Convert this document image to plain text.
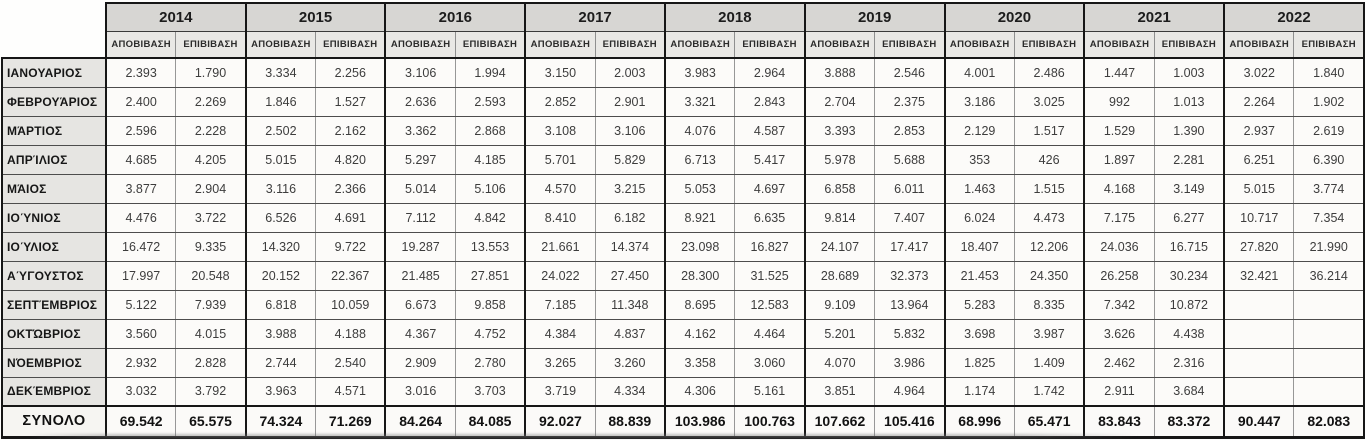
	2014		2015		2016		2017		2018		2019		2020		2021		2022	
	ΑΠΟΒΙΒΑΣΗ	ΕΠΙΒΙΒΑΣΗ	ΑΠΟΒΙΒΑΣΗ	ΕΠΙΒΙΒΑΣΗ	ΑΠΟΒΙΒΑΣΗ	ΕΠΙΒΙΒΑΣΗ	ΑΠΟΒΙΒΑΣΗ	ΕΠΙΒΙΒΑΣΗ	ΑΠΟΒΙΒΑΣΗ	ΕΠΙΒΙΒΑΣΗ	ΑΠΟΒΙΒΑΣΗ	ΕΠΙΒΙΒΑΣΗ	ΑΠΟΒΙΒΑΣΗ	ΕΠΙΒΙΒΑΣΗ	ΑΠΟΒΙΒΑΣΗ	ΕΠΙΒΙΒΑΣΗ	ΑΠΟΒΙΒΑΣΗ	ΕΠΙΒΙΒΑΣΗ
ΙΑΝΟΥΑΡΙΟΣ	2.393	1.790	3.334	2.256	3.106	1.994	3.150	2.003	3.983	2.964	3.888	2.546	4.001	2.486	1.447	1.003	3.022	1.840
ΦΕΒΡΟΥΆΡΙΟΣ	2.400	2.269	1.846	1.527	2.636	2.593	2.852	2.901	3.321	2.843	2.704	2.375	3.186	3.025	992	1.013	2.264	1.902
ΜΆΡΤΙΟΣ	2.596	2.228	2.502	2.162	3.362	2.868	3.108	3.106	4.076	4.587	3.393	2.853	2.129	1.517	1.529	1.390	2.937	2.619
ΑΠΡΊΛΙΟΣ	4.685	4.205	5.015	4.820	5.297	4.185	5.701	5.829	6.713	5.417	5.978	5.688	353	426	1.897	2.281	6.251	6.390
ΜΆΙΟΣ	3.877	2.904	3.116	2.366	5.014	5.106	4.570	3.215	5.053	4.697	6.858	6.011	1.463	1.515	4.168	3.149	5.015	3.774
ΙΟΎΝΙΟΣ	4.476	3.722	6.526	4.691	7.112	4.842	8.410	6.182	8.921	6.635	9.814	7.407	6.024	4.473	7.175	6.277	10.717	7.354
ΙΟΎΛΙΟΣ	16.472	9.335	14.320	9.722	19.287	13.553	21.661	14.374	23.098	16.827	24.107	17.417	18.407	12.206	24.036	16.715	27.820	21.990
ΑΎΓΟΥΣΤΟΣ	17.997	20.548	20.152	22.367	21.485	27.851	24.022	27.450	28.300	31.525	28.689	32.373	21.453	24.350	26.258	30.234	32.421	36.214
ΣΕΠΤΈΜΒΡΙΟΣ	5.122	7.939	6.818	10.059	6.673	9.858	7.185	11.348	8.695	12.583	9.109	13.964	5.283	8.335	7.342	10.872		
ΟΚΤΏΒΡΙΟΣ	3.560	4.015	3.988	4.188	4.367	4.752	4.384	4.837	4.162	4.464	5.201	5.832	3.698	3.987	3.626	4.438		
ΝΌΕΜΒΡΙΟΣ	2.932	2.828	2.744	2.540	2.909	2.780	3.265	3.260	3.358	3.060	4.070	3.986	1.825	1.409	2.462	2.316		
ΔΕΚΈΜΒΡΙΟΣ	3.032	3.792	3.963	4.571	3.016	3.703	3.719	4.334	4.306	5.161	3.851	4.964	1.174	1.742	2.911	3.684		
ΣΥΝΟΛΟ	69.542	65.575	74.324	71.269	84.264	84.085	92.027	88.839	103.986	100.763	107.662	105.416	68.996	65.471	83.843	83.372	90.447	82.083
